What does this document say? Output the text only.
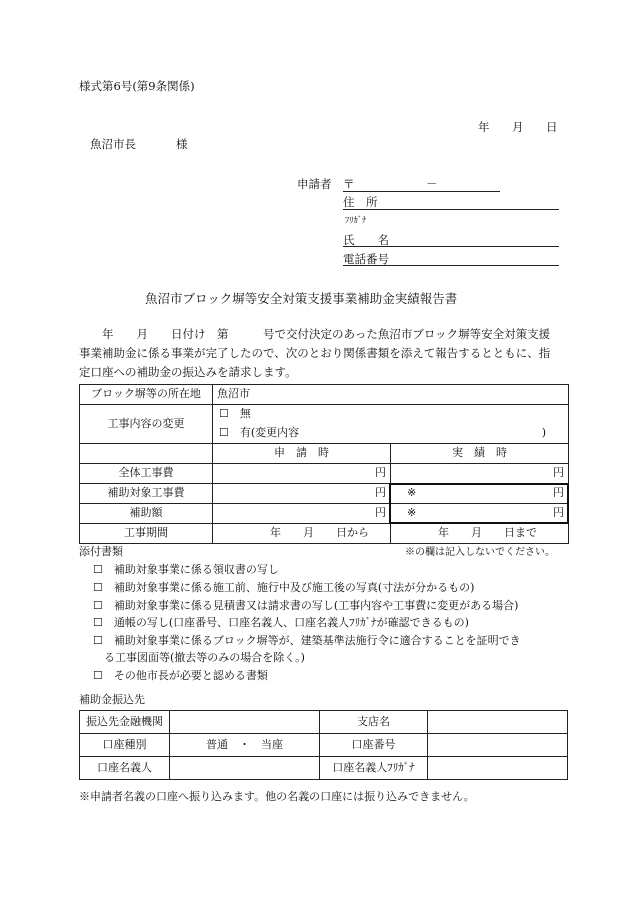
様式第6号(第9条関係)
年 月 日
魚沼市長	様
申請者 〒	－
住　所
ﾌﾘｶﾞﾅ
氏　　名
電話番号
魚沼市ブロック塀等安全対策支援事業補助金実績報告書
　　年　　月　　日付け　第　　　号で交付決定のあった魚沼市ブロック塀等安全対策支援事業補助金に係る事業が完了したので、次のとおり関係書類を添えて報告するとともに、指定口座への補助金の振込みを請求します。
ブロック塀等の所在地	魚沼市	
工事内容の変更	☐　無
☐　有(変更内容 )	

	申　請　時	実　績　時
全体工事費	円	円
補助対象工事費	円	※ 円

補助額	円	※ 円

工事期間	年　　月　　日から	年　　月　　日まで
添付書類	※の欄は記入しないでください。
☐　補助対象事業に係る領収書の写し
☐　補助対象事業に係る施工前、施行中及び施工後の写真(寸法が分かるもの)
☐　補助対象事業に係る見積書又は請求書の写し(工事内容や工事費に変更がある場合)
☐　通帳の写し(口座番号、口座名義人、口座名義人ﾌﾘｶﾞﾅが確認できるもの)
☐　補助対象事業に係るブロック塀等が、建築基準法施行令に適合することを証明でき
　る工事図面等(撤去等のみの場合を除く。)
☐　その他市長が必要と認める書類
補助金振込先
振込先金融機関		支店名	
口座種別	普通　・　当座	口座番号	
口座名義人		口座名義人ﾌﾘｶﾞﾅ	
※申請者名義の口座へ振り込みます。他の名義の口座には振り込みできません。
